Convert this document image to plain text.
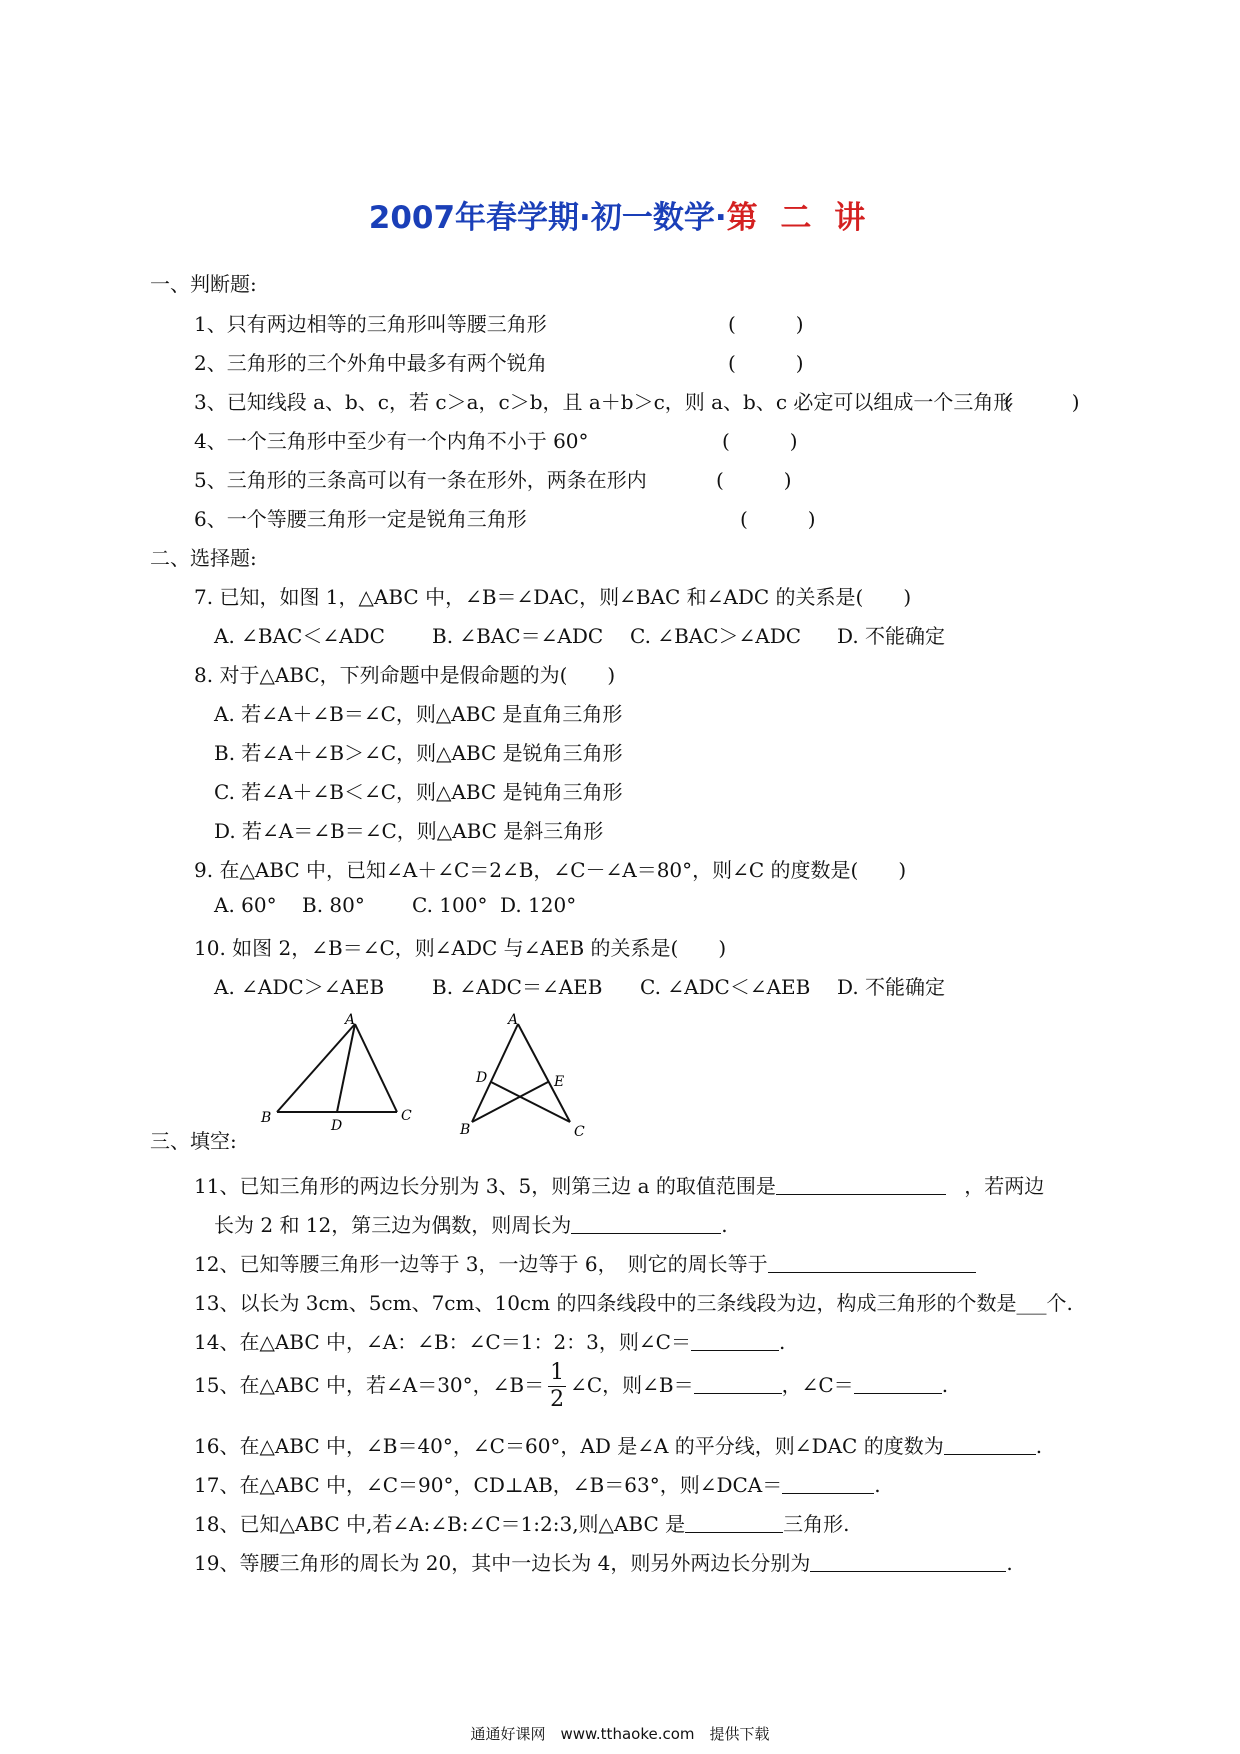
2007年春学期·初一数学·第 二 讲
一、判断题:
1、只有两边相等的三角形叫等腰三角形	(　　　)
2、三角形的三个外角中最多有两个锐角	(　　　)
3、已知线段 a、b、c，若 c＞a，c＞b，且 a＋b＞c，则 a、b、c 必定可以组成一个三角形
(　　　)
4、一个三角形中至少有一个内角不小于 60°	(　　　)
5、三角形的三条高可以有一条在形外，两条在形内	(　　　)
6、一个等腰三角形一定是锐角三角形	(　　　)
二、选择题:
7. 已知，如图 1，△ABC 中，∠B＝∠DAC，则∠BAC 和∠ADC 的关系是(　　)
A. ∠BAC＜∠ADC B. ∠BAC＝∠ADC C. ∠BAC＞∠ADC D. 不能确定
8. 对于△ABC，下列命题中是假命题的为(　　)
A. 若∠A＋∠B＝∠C，则△ABC 是直角三角形
B. 若∠A＋∠B＞∠C，则△ABC 是锐角三角形
C. 若∠A＋∠B＜∠C，则△ABC 是钝角三角形
D. 若∠A＝∠B＝∠C，则△ABC 是斜三角形
9. 在△ABC 中，已知∠A＋∠C＝2∠B，∠C－∠A＝80°，则∠C 的度数是(　　)
A. 60° B. 80° C. 100° D. 120°
10. 如图 2，∠B＝∠C，则∠ADC 与∠AEB 的关系是(　　)
A. ∠ADC＞∠AEB B. ∠ADC＝∠AEB C. ∠ADC＜∠AEB D. 不能确定
A
B	C
D
A
B	C
D	E
三、填空:
11、已知三角形的两边长分别为 3、5，则第三边 a 的取值范围是	，若两边
长为 2 和 12，第三边为偶数，则周长为	.
12、已知等腰三角形一边等于 3，一边等于 6，　则它的周长等于
13、以长为 3cm、5cm、7cm、10cm 的四条线段中的三条线段为边，构成三角形的个数是___个.
14、在△ABC 中，∠A：∠B：∠C＝1：2：3，则∠C＝	.
15、在△ABC 中，若∠A＝30°，∠B＝ $\frac{1}{2}$ ∠C，则∠B＝	，∠C＝	.
16、在△ABC 中，∠B＝40°，∠C＝60°，AD 是∠A 的平分线，则∠DAC 的度数为	.
17、在△ABC 中，∠C＝90°，CD⊥AB，∠B＝63°，则∠DCA＝	.
18、已知△ABC 中,若∠A:∠B:∠C＝1:2:3,则△ABC 是	三角形.
19、等腰三角形的周长为 20，其中一边长为 4，则另外两边长分别为	.
通通好课网　www.tthaoke.com　提供下载
